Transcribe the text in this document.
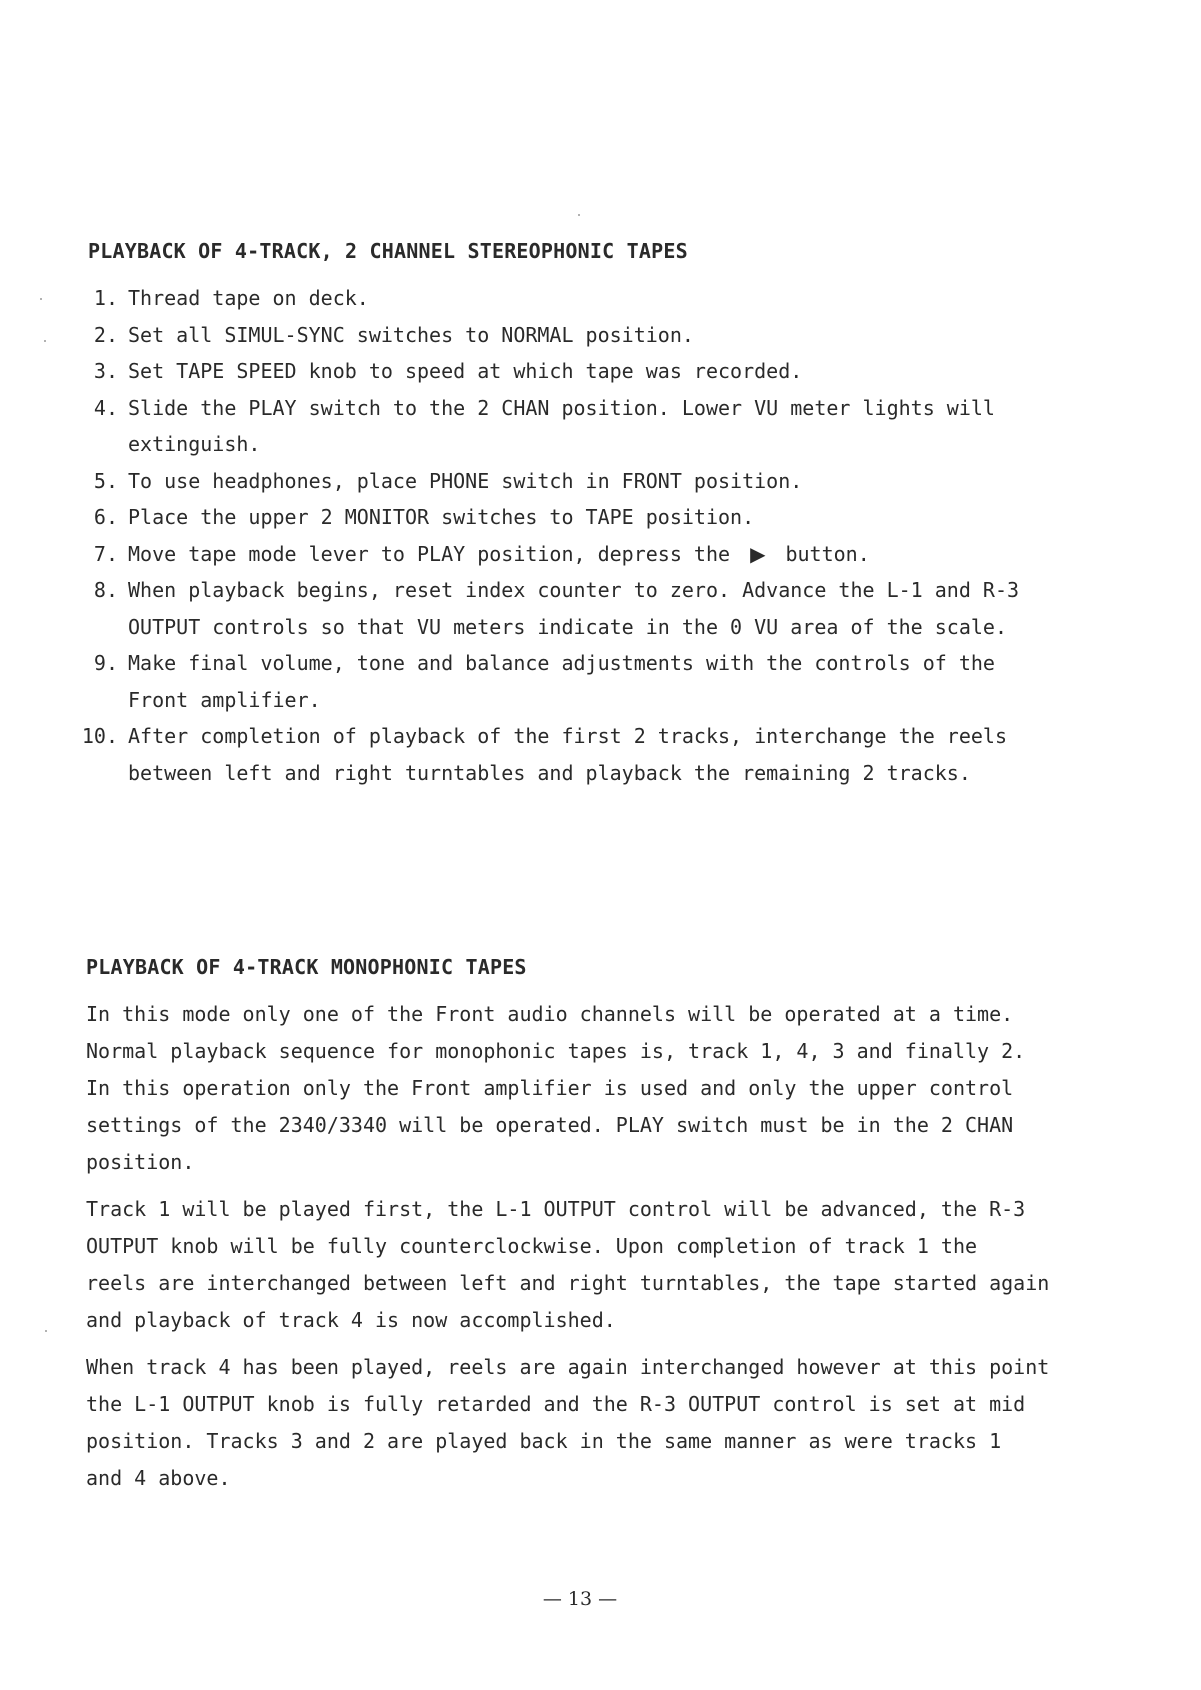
PLAYBACK OF 4-TRACK, 2 CHANNEL STEREOPHONIC TAPES
1. Thread tape on deck.
2. Set all SIMUL-SYNC switches to NORMAL position.
3. Set TAPE SPEED knob to speed at which tape was recorded.
4. Slide the PLAY switch to the 2 CHAN position. Lower VU meter lights will
extinguish.
5. To use headphones, place PHONE switch in FRONT position.
6. Place the upper 2 MONITOR switches to TAPE position.
7. Move tape mode lever to PLAY position, depress the ▶ button.
8. When playback begins, reset index counter to zero. Advance the L-1 and R-3
OUTPUT controls so that VU meters indicate in the 0 VU area of the scale.
9. Make final volume, tone and balance adjustments with the controls of the
Front amplifier.
10. After completion of playback of the first 2 tracks, interchange the reels
between left and right turntables and playback the remaining 2 tracks.
PLAYBACK OF 4-TRACK MONOPHONIC TAPES
In this mode only one of the Front audio channels will be operated at a time.
Normal playback sequence for monophonic tapes is, track 1, 4, 3 and finally 2.
In this operation only the Front amplifier is used and only the upper control
settings of the 2340/3340 will be operated. PLAY switch must be in the 2 CHAN
position.
Track 1 will be played first, the L-1 OUTPUT control will be advanced, the R-3
OUTPUT knob will be fully counterclockwise. Upon completion of track 1 the
reels are interchanged between left and right turntables, the tape started again
and playback of track 4 is now accomplished.
When track 4 has been played, reels are again interchanged however at this point
the L-1 OUTPUT knob is fully retarded and the R-3 OUTPUT control is set at mid
position. Tracks 3 and 2 are played back in the same manner as were tracks 1
and 4 above.
— 13 —
